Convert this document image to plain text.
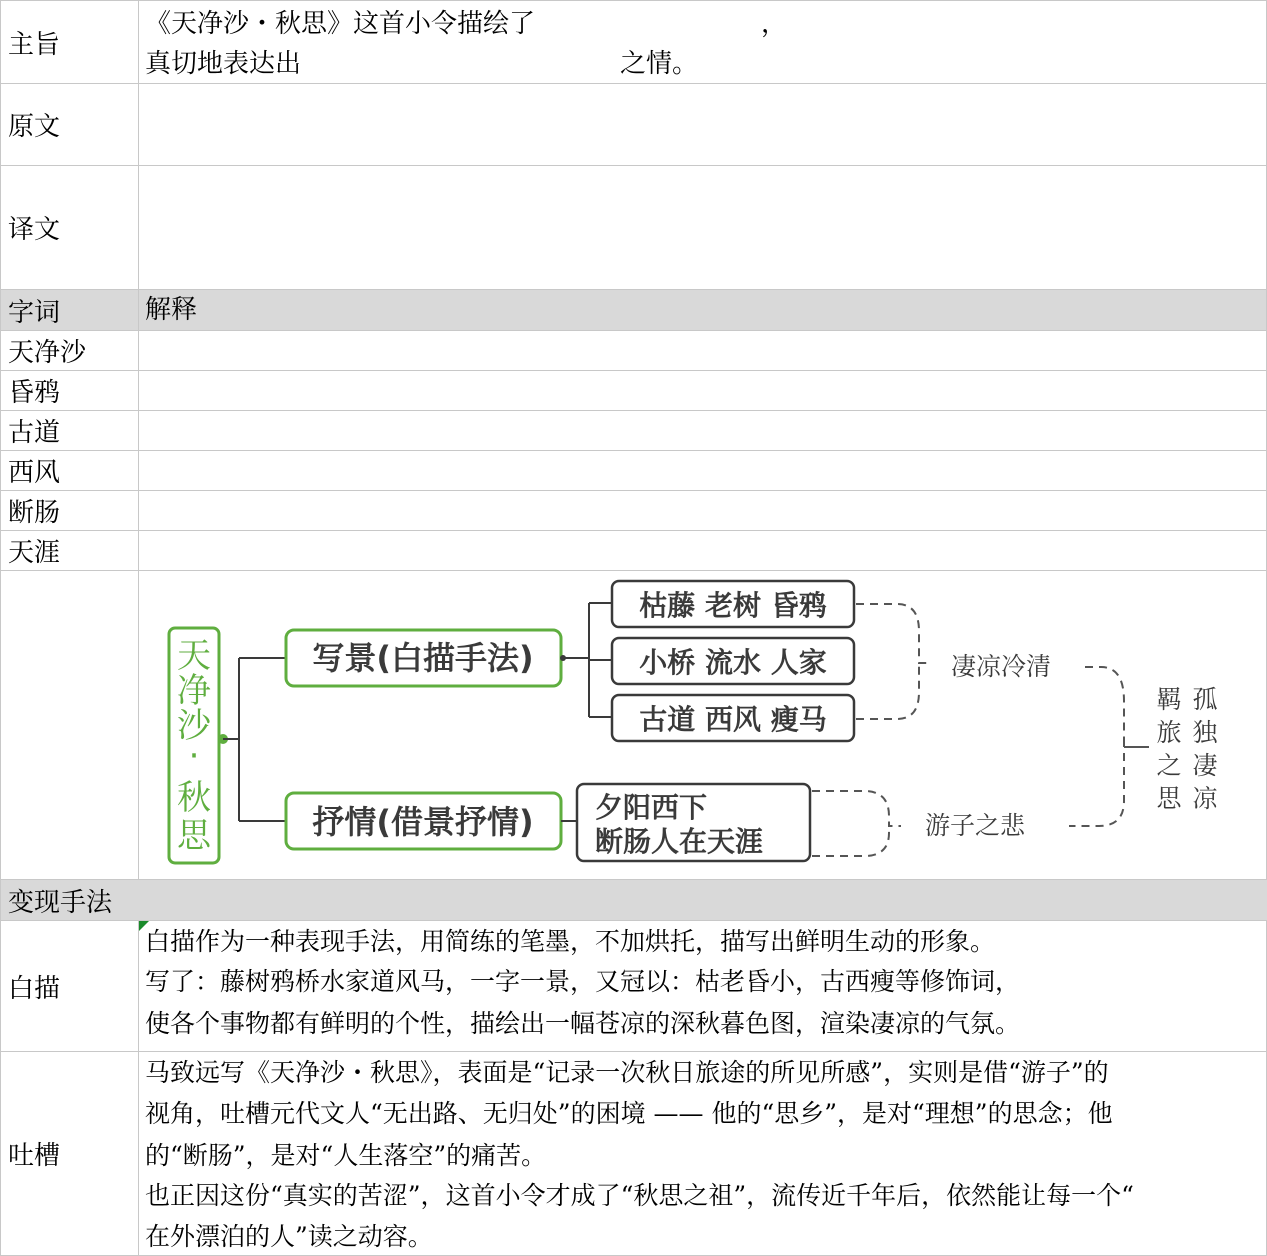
主旨
《天净沙・秋思》这首小令描绘了	，
真切地表达出	之情。
原文
译文
字词	解释
天净沙
昏鸦
古道
西风
断肠
天涯
天
净
沙
·
秋
思
写景(白描手法)
抒情(借景抒情)
枯藤 老树 昏鸦
小桥 流水 人家
古道 西风 瘦马
夕阳西下
断肠人在天涯
凄凉冷清
游子之悲
羁
旅
之
思
孤
独
凄
凉
变现手法
白描
白描作为一种表现手法，用简练的笔墨，不加烘托，描写出鲜明生动的形象。
写了：藤树鸦桥水家道风马，一字一景，又冠以：枯老昏小，古西瘦等修饰词，
使各个事物都有鲜明的个性，描绘出一幅苍凉的深秋暮色图，渲染凄凉的气氛。
吐槽
马致远写《天净沙・秋思》，表面是“记录一次秋日旅途的所见所感”，实则是借“游子”的
视角，吐槽元代文人“无出路、无归处”的困境 —— 他的“思乡”，是对“理想”的思念；他
的“断肠”，是对“人生落空”的痛苦。
也正因这份“真实的苦涩”，这首小令才成了“秋思之祖”，流传近千年后，依然能让每一个“
在外漂泊的人”读之动容。
